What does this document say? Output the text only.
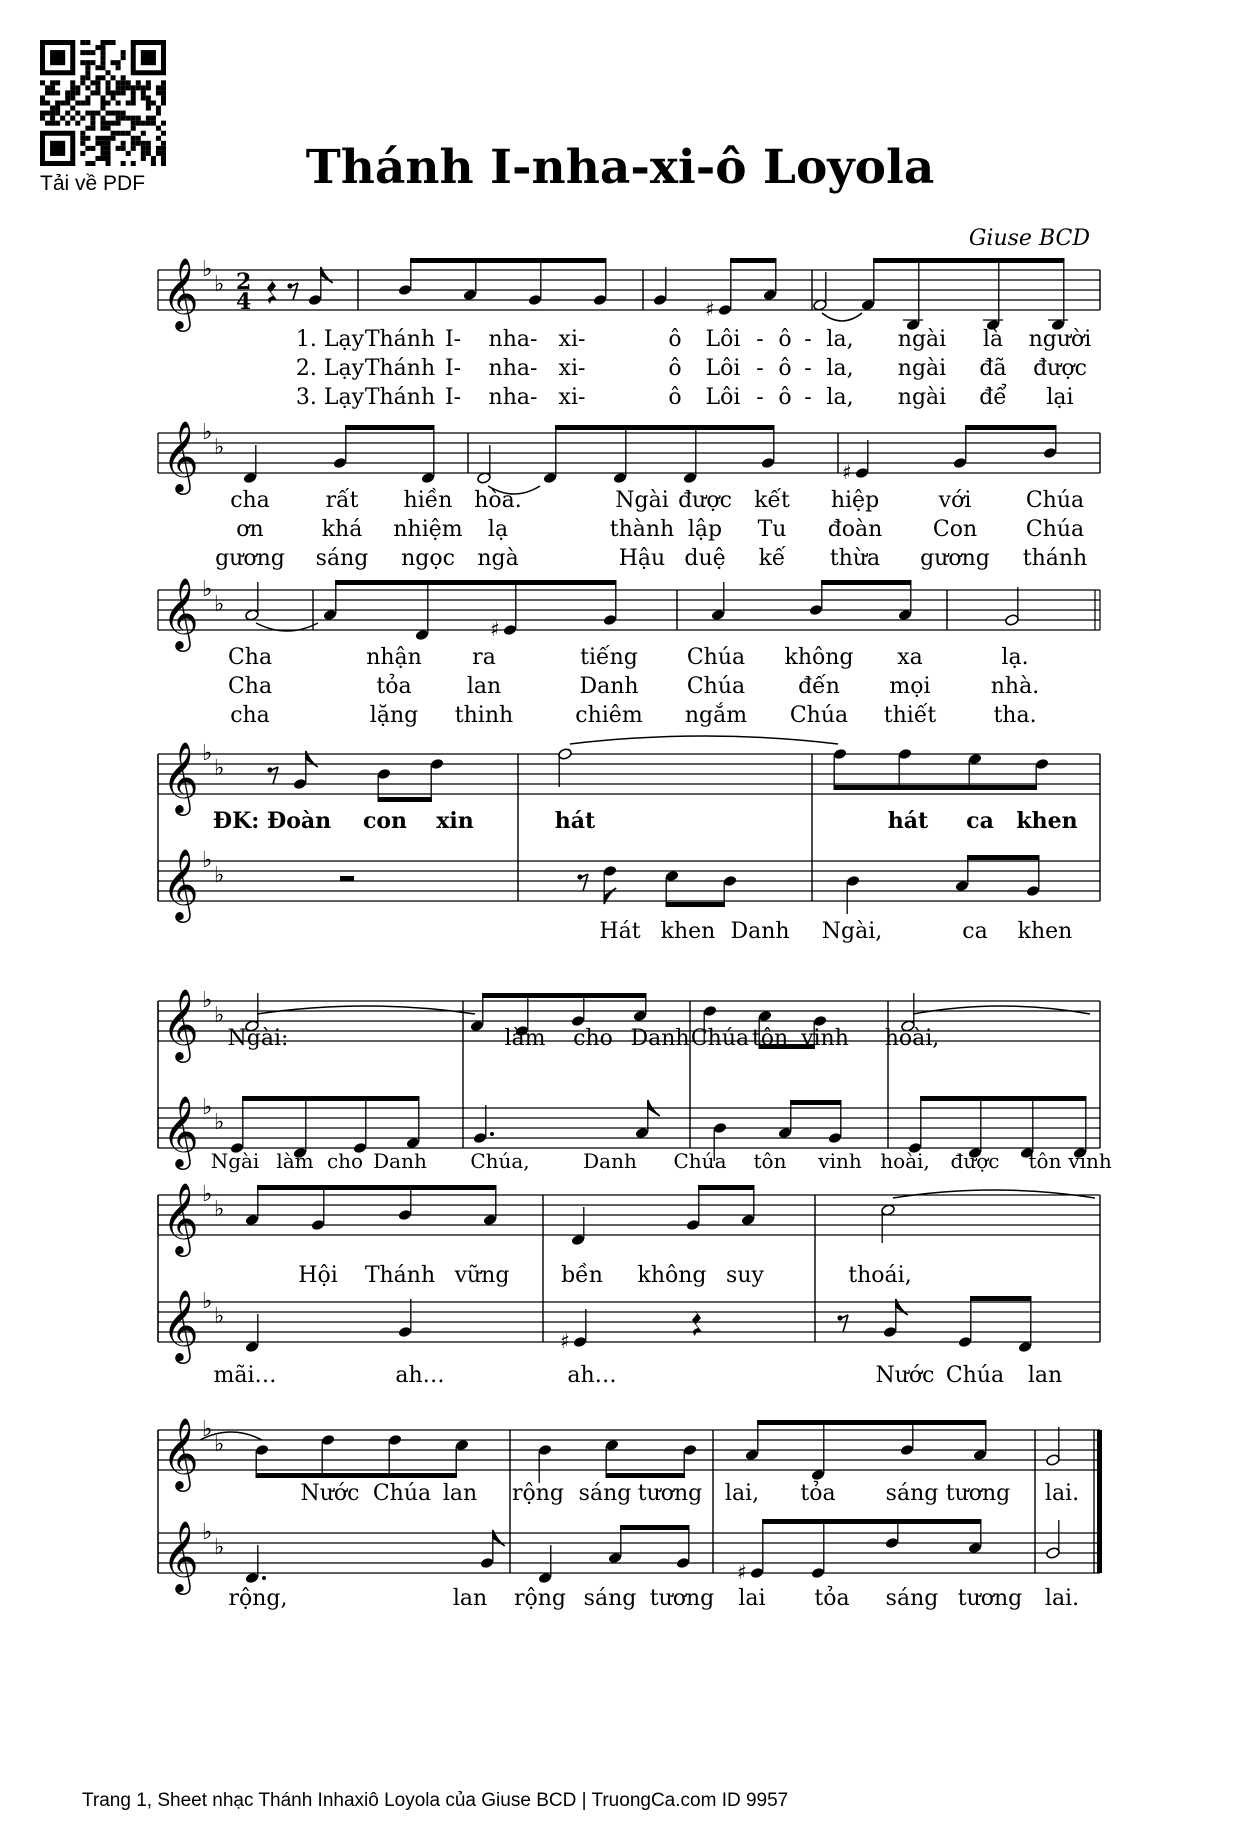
Tải về PDF	Thánh I-nha-xi-ô Loyola
Giuse BCD
𝄞 ♭
♭ 2
4	♯
1. Lạy Thánh I- nha- xi-	ô Lôi - ô - la, ngài là người
2. Lạy Thánh I- nha- xi-	ô Lôi - ô - la, ngài đã được
3. Lạy Thánh I- nha- xi-	ô Lôi - ô - la, ngài để lại
𝄞 ♭
♭
♯
cha	rất hiền hòa.	Ngài được kết hiệp	với Chúa
ơn	khá nhiệm lạ	thành lập Tu đoàn Con Chúa
gương sáng ngọc ngà	Hậu duệ kế thừa gương thánh
𝄞 ♭
♭
♯
Cha	nhận ra	tiếng Chúa không xa	lạ.
Cha	tỏa	lan	Danh Chúa đến mọi	nhà.
cha	lặng thinh	chiêm ngắm Chúa thiết	tha.
𝄞 ♭
♭
𝄞 ♭
♭
ĐK: Đoàn con xin	hát	hát ca khen
Hát khen Danh Ngài,	ca khen
𝄞 ♭
♭
𝄞 ♭
♭
Ngài:	làm cho Danh Chúa tôn vinh hoài,
Ngài làm cho Danh Chúa,	Danh Chúa tôn vinh hoài, được tôn vinh
𝄞 ♭
♭
𝄞 ♭
♭
Hội Thánh vững bền không suy	thoái,
♯
mãi…	ah…	ah…	Nước Chúa lan
𝄞 ♭
♭
𝄞 ♭
♭
Nước Chúa lan rộng sáng tương lai, tỏa sáng tương lai.
♯
rộng,	lan rộng sáng tương lai tỏa sáng tương lai.
Trang 1, Sheet nhạc Thánh Inhaxiô Loyola của Giuse BCD | TruongCa.com ID 9957
